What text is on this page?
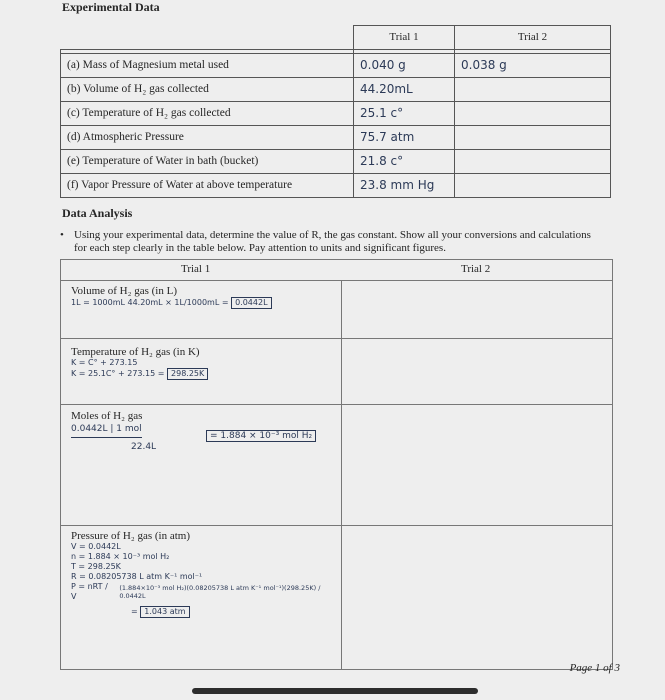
Experimental Data
	Trial 1	Trial 2

(a) Mass of Magnesium metal used	0.040 g	0.038 g
(b) Volume of H₂ gas collected	44.20mL	
(c) Temperature of H₂ gas collected	25.1 c°	
(d) Atmospheric Pressure	75.7 atm	
(e) Temperature of Water in bath (bucket)	21.8 c°	
(f) Vapor Pressure of Water at above temperature	23.8 mm Hg	
Data Analysis
• Using your experimental data, determine the value of R, the gas constant. Show all your conversions and calculations for each step clearly in the table below. Pay attention to units and significant figures.
Trial 1	Trial 2
Volume of H₂ gas (in L)
1L = 1000mL 44.20mL × 1L/1000mL = 0.0442L
Temperature of H₂ gas (in K)
K = C° + 273.15
K = 25.1C° + 273.15 = 298.25K
Moles of H₂ gas
0.0442L | 1 mol
22.4L
= 1.884 × 10⁻³ mol H₂
Pressure of H₂ gas (in atm)
V = 0.0442L
n = 1.884 × 10⁻³ mol H₂
T = 298.25K
R = 0.08205738 L atm K⁻¹ mol⁻¹
P = nRT / V
(1.884×10⁻³ mol H₂)(0.08205738 L atm K⁻¹ mol⁻¹)(298.25K) / 0.0442L
= 1.043 atm
Page 1 of 3
